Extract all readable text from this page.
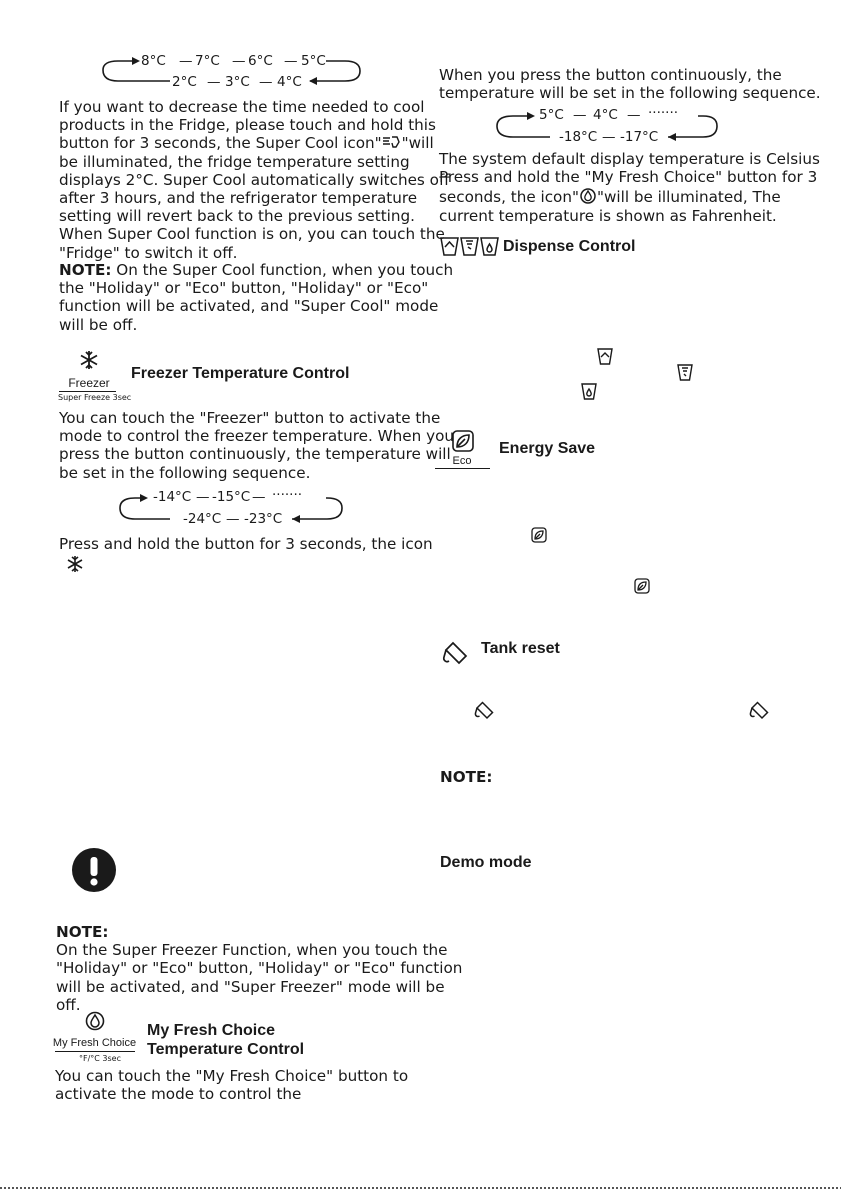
8°C — 7°C — 6°C — 5°C
2°C — 3°C — 4°C
If you want to decrease the time needed to cool
products in the Fridge, please touch and hold this
button for 3 seconds, the Super Cool icon" "will
be illuminated, the fridge temperature setting
displays 2°C. Super Cool automatically switches off
after 3 hours, and the refrigerator temperature
setting will revert back to the previous setting.
When Super Cool function is on, you can touch the
"Fridge" to switch it off.
NOTE: On the Super Cool function, when you touch
the "Holiday" or "Eco" button, "Holiday" or "Eco"
function will be activated, and "Super Cool" mode
will be off.
Freezer
Super Freeze 3sec
Freezer Temperature Control
You can touch the "Freezer" button to activate the
mode to control the freezer temperature. When you
press the button continuously, the temperature will
be set in the following sequence.
-14°C — -15°C — ·······
-24°C — -23°C
Press and hold the button for 3 seconds, the icon
NOTE:
On the Super Freezer Function, when you touch the
"Holiday" or "Eco" button, "Holiday" or "Eco" function
will be activated, and "Super Freezer" mode will be
off.
My Fresh Choice
°F/°C 3sec
My Fresh Choice
Temperature Control
You can touch the "My Fresh Choice" button to
activate the mode to control the
When you press the button continuously, the
temperature will be set in the following sequence.
5°C — 4°C — ·······
-18°C — -17°C
The system default display temperature is Celsius
Press and hold the "My Fresh Choice" button for 3
seconds, the icon" "will be illuminated, The
current temperature is shown as Fahrenheit.
Dispense Control
Eco
Energy Save
Tank reset
NOTE:
Demo mode
